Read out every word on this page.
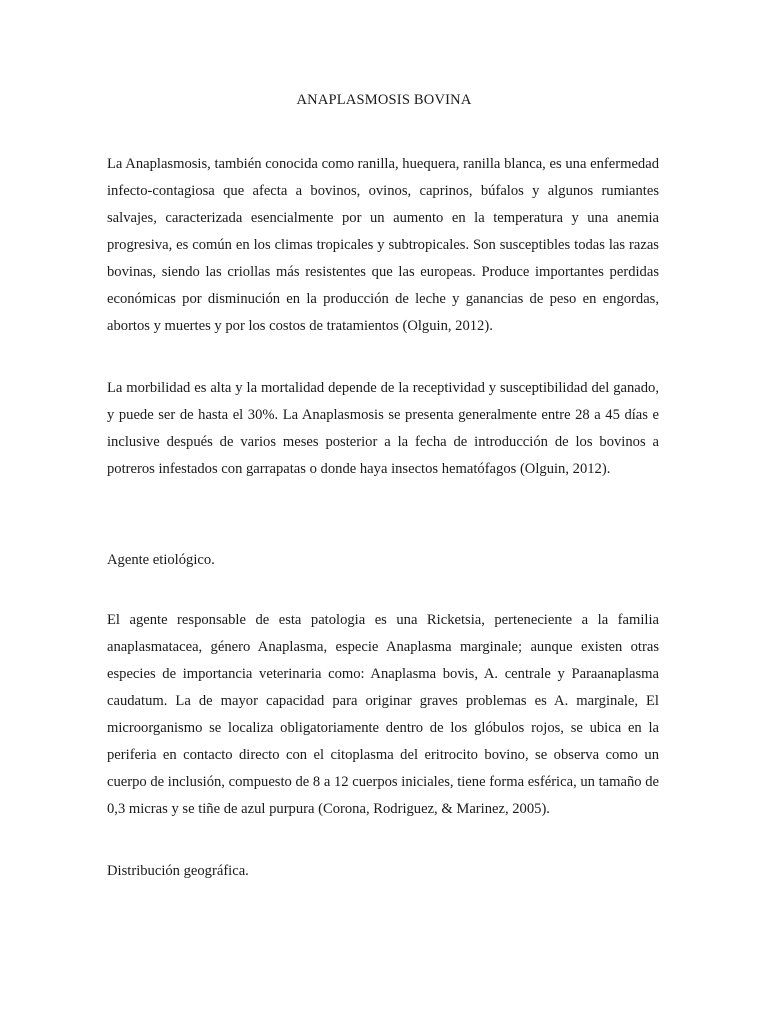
ANAPLASMOSIS BOVINA

La Anaplasmosis, también conocida como ranilla, huequera, ranilla blanca, es una enfermedad infecto-contagiosa que afecta a bovinos, ovinos, caprinos, búfalos y algunos rumiantes salvajes, caracterizada esencialmente por un aumento en la temperatura y una anemia progresiva, es común en los climas tropicales y subtropicales. Son susceptibles todas las razas bovinas, siendo las criollas más resistentes que las europeas. Produce importantes perdidas económicas por disminución en la producción de leche y ganancias de peso en engordas, abortos y muertes y por los costos de tratamientos (Olguin, 2012).

La morbilidad es alta y la mortalidad depende de la receptividad y susceptibilidad del ganado, y puede ser de hasta el 30%. La Anaplasmosis se presenta generalmente entre 28 a 45 días e inclusive después de varios meses posterior a la fecha de introducción de los bovinos a potreros infestados con garrapatas o donde haya insectos hematófagos (Olguin, 2012).

Agente etiológico.

El agente responsable de esta patologia es una Ricketsia, perteneciente a la familia anaplasmatacea, género Anaplasma, especie Anaplasma marginale; aunque existen otras especies de importancia veterinaria como: Anaplasma bovis, A. centrale y Paraanaplasma caudatum. La de mayor capacidad para originar graves problemas es A. marginale, El microorganismo se localiza obligatoriamente dentro de los glóbulos rojos, se ubica en la periferia en contacto directo con el citoplasma del eritrocito bovino, se observa como un cuerpo de inclusión, compuesto de 8 a 12 cuerpos iniciales, tiene forma esférica, un tamaño de 0,3 micras y se tiñe de azul purpura (Corona, Rodriguez, & Marinez, 2005).

Distribución geográfica.
